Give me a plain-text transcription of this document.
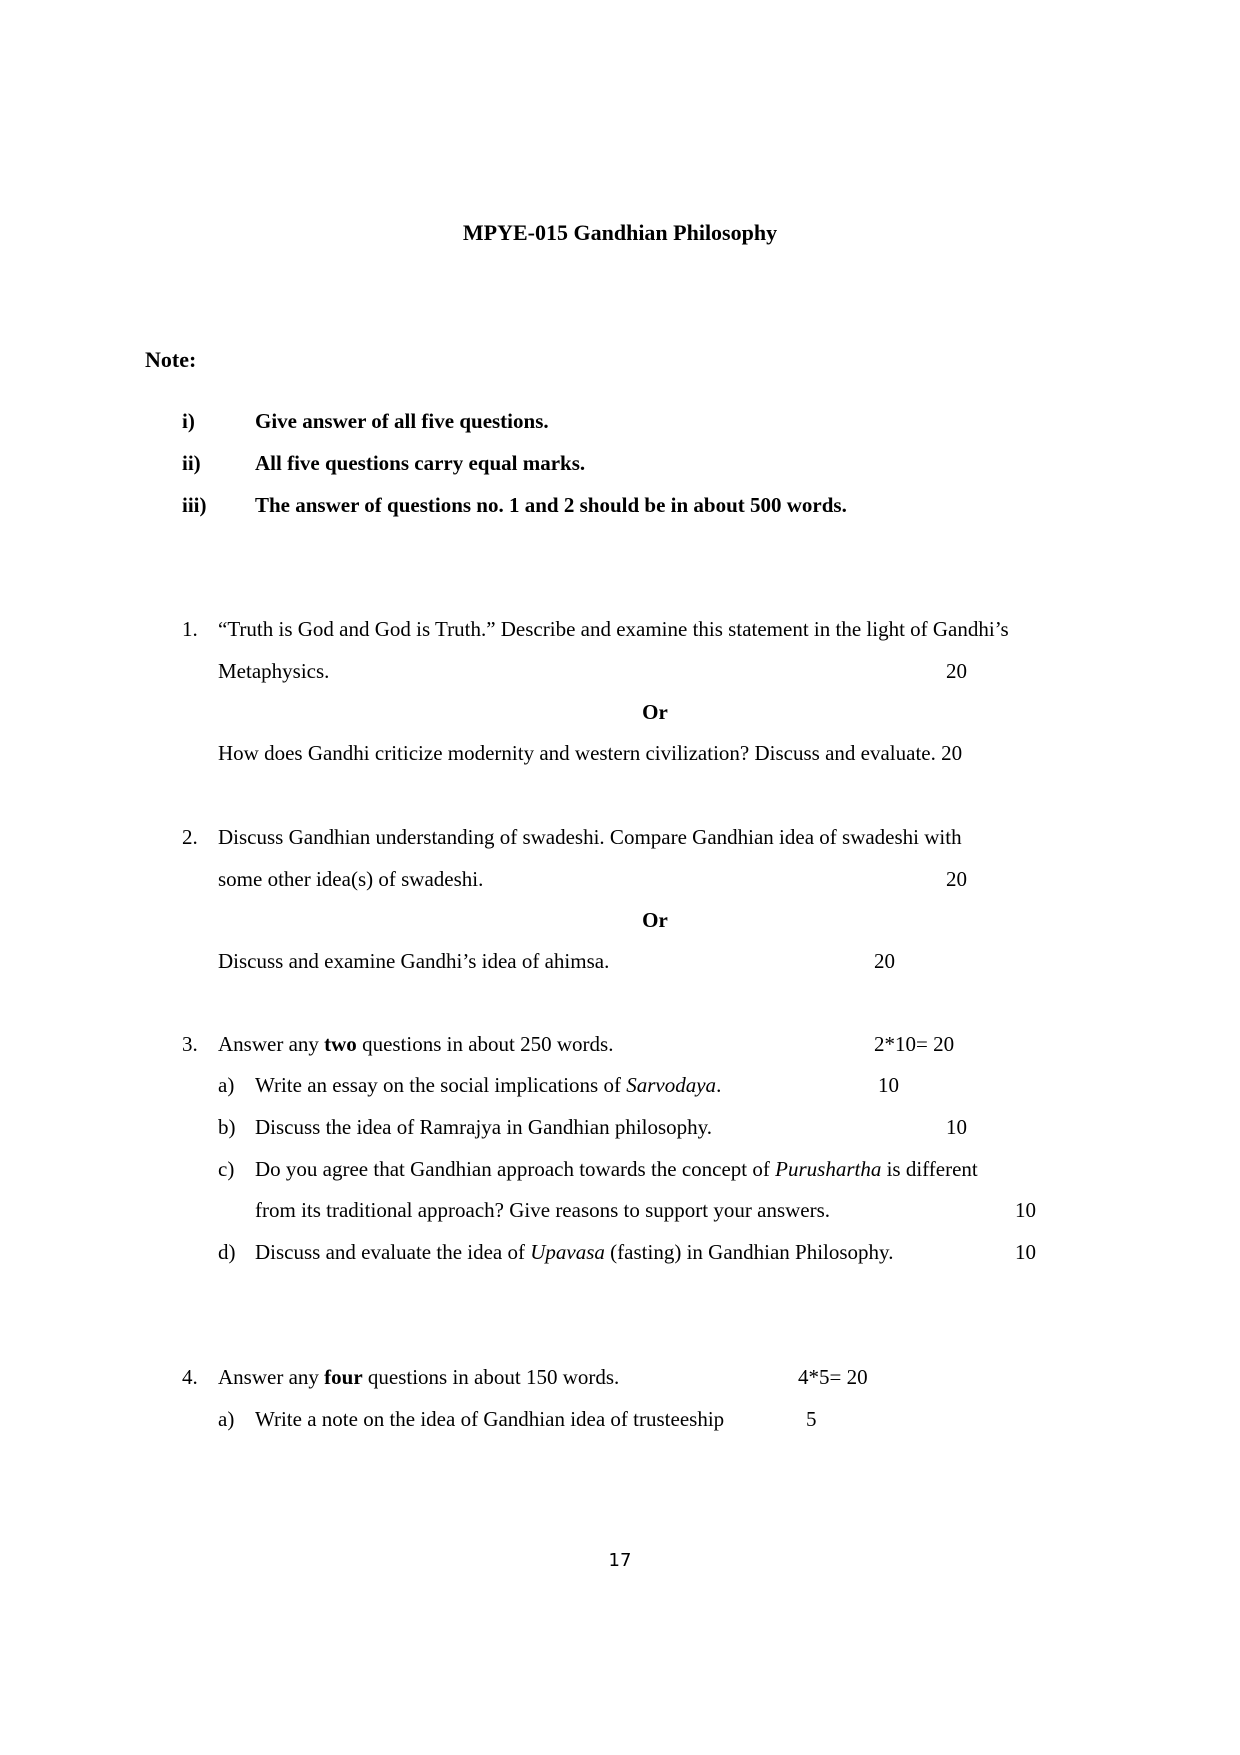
MPYE-015 Gandhian Philosophy
Note:
i)	Give answer of all five questions.
ii)	All five questions carry equal marks.
iii) The answer of questions no. 1 and 2 should be in about 500 words.
1. “Truth is God and God is Truth.” Describe and examine this statement in the light of Gandhi’s
Metaphysics.	20
Or
How does Gandhi criticize modernity and western civilization? Discuss and evaluate. 20
2. Discuss Gandhian understanding of swadeshi. Compare Gandhian idea of swadeshi with
some other idea(s) of swadeshi.	20
Or
Discuss and examine Gandhi’s idea of ahimsa.	20
3. Answer any two questions in about 250 words.	2*10= 20
a) Write an essay on the social implications of Sarvodaya.	10
b) Discuss the idea of Ramrajya in Gandhian philosophy.	10
c) Do you agree that Gandhian approach towards the concept of Purushartha is different
from its traditional approach? Give reasons to support your answers.	10
d) Discuss and evaluate the idea of Upavasa (fasting) in Gandhian Philosophy.	10
4. Answer any four questions in about 150 words.	4*5= 20
a) Write a note on the idea of Gandhian idea of trusteeship	5
17
